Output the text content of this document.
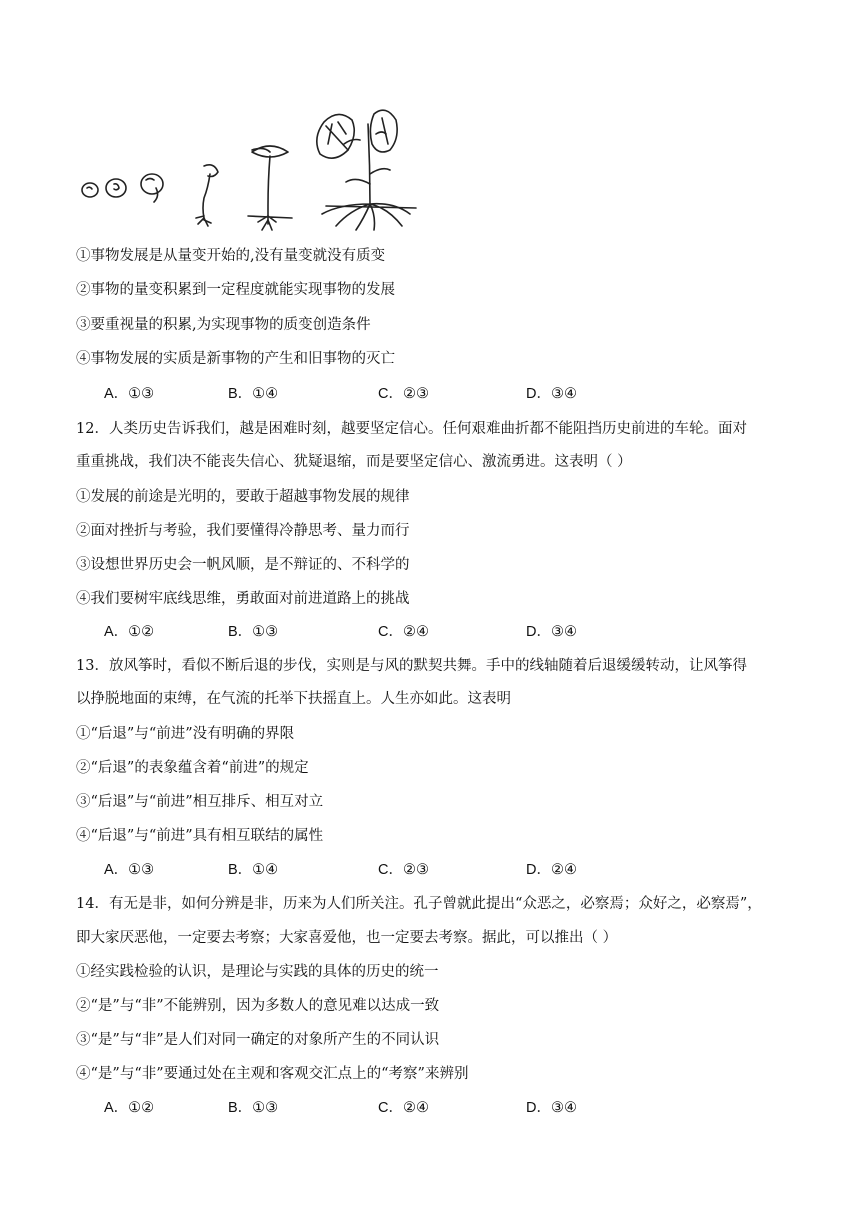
①事物发展是从量变开始的,没有量变就没有质变
②事物的量变积累到一定程度就能实现事物的发展
③要重视量的积累,为实现事物的质变创造条件
④事物发展的实质是新事物的产生和旧事物的灭亡
A．①③	B．①④	C．②③	D．③④
12．人类历史告诉我们，越是困难时刻，越要坚定信心。任何艰难曲折都不能阻挡历史前进的车轮。面对
重重挑战，我们决不能丧失信心、犹疑退缩，而是要坚定信心、激流勇进。这表明（ ）
①发展的前途是光明的，要敢于超越事物发展的规律
②面对挫折与考验，我们要懂得冷静思考、量力而行
③设想世界历史会一帆风顺，是不辩证的、不科学的
④我们要树牢底线思维，勇敢面对前进道路上的挑战
A．①②	B．①③	C．②④	D．③④
13．放风筝时，看似不断后退的步伐，实则是与风的默契共舞。手中的线轴随着后退缓缓转动，让风筝得
以挣脱地面的束缚，在气流的托举下扶摇直上。人生亦如此。这表明
①“后退”与“前进”没有明确的界限
②“后退”的表象蕴含着“前进”的规定
③“后退”与“前进”相互排斥、相互对立
④“后退”与“前进”具有相互联结的属性
A．①③	B．①④	C．②③	D．②④
14．有无是非，如何分辨是非，历来为人们所关注。孔子曾就此提出“众恶之，必察焉；众好之，必察焉”，
即大家厌恶他，一定要去考察；大家喜爱他，也一定要去考察。据此，可以推出（ ）
①经实践检验的认识，是理论与实践的具体的历史的统一
②“是”与“非”不能辨别，因为多数人的意见难以达成一致
③“是”与“非”是人们对同一确定的对象所产生的不同认识
④“是”与“非”要通过处在主观和客观交汇点上的“考察”来辨别
A．①②	B．①③	C．②④	D．③④
